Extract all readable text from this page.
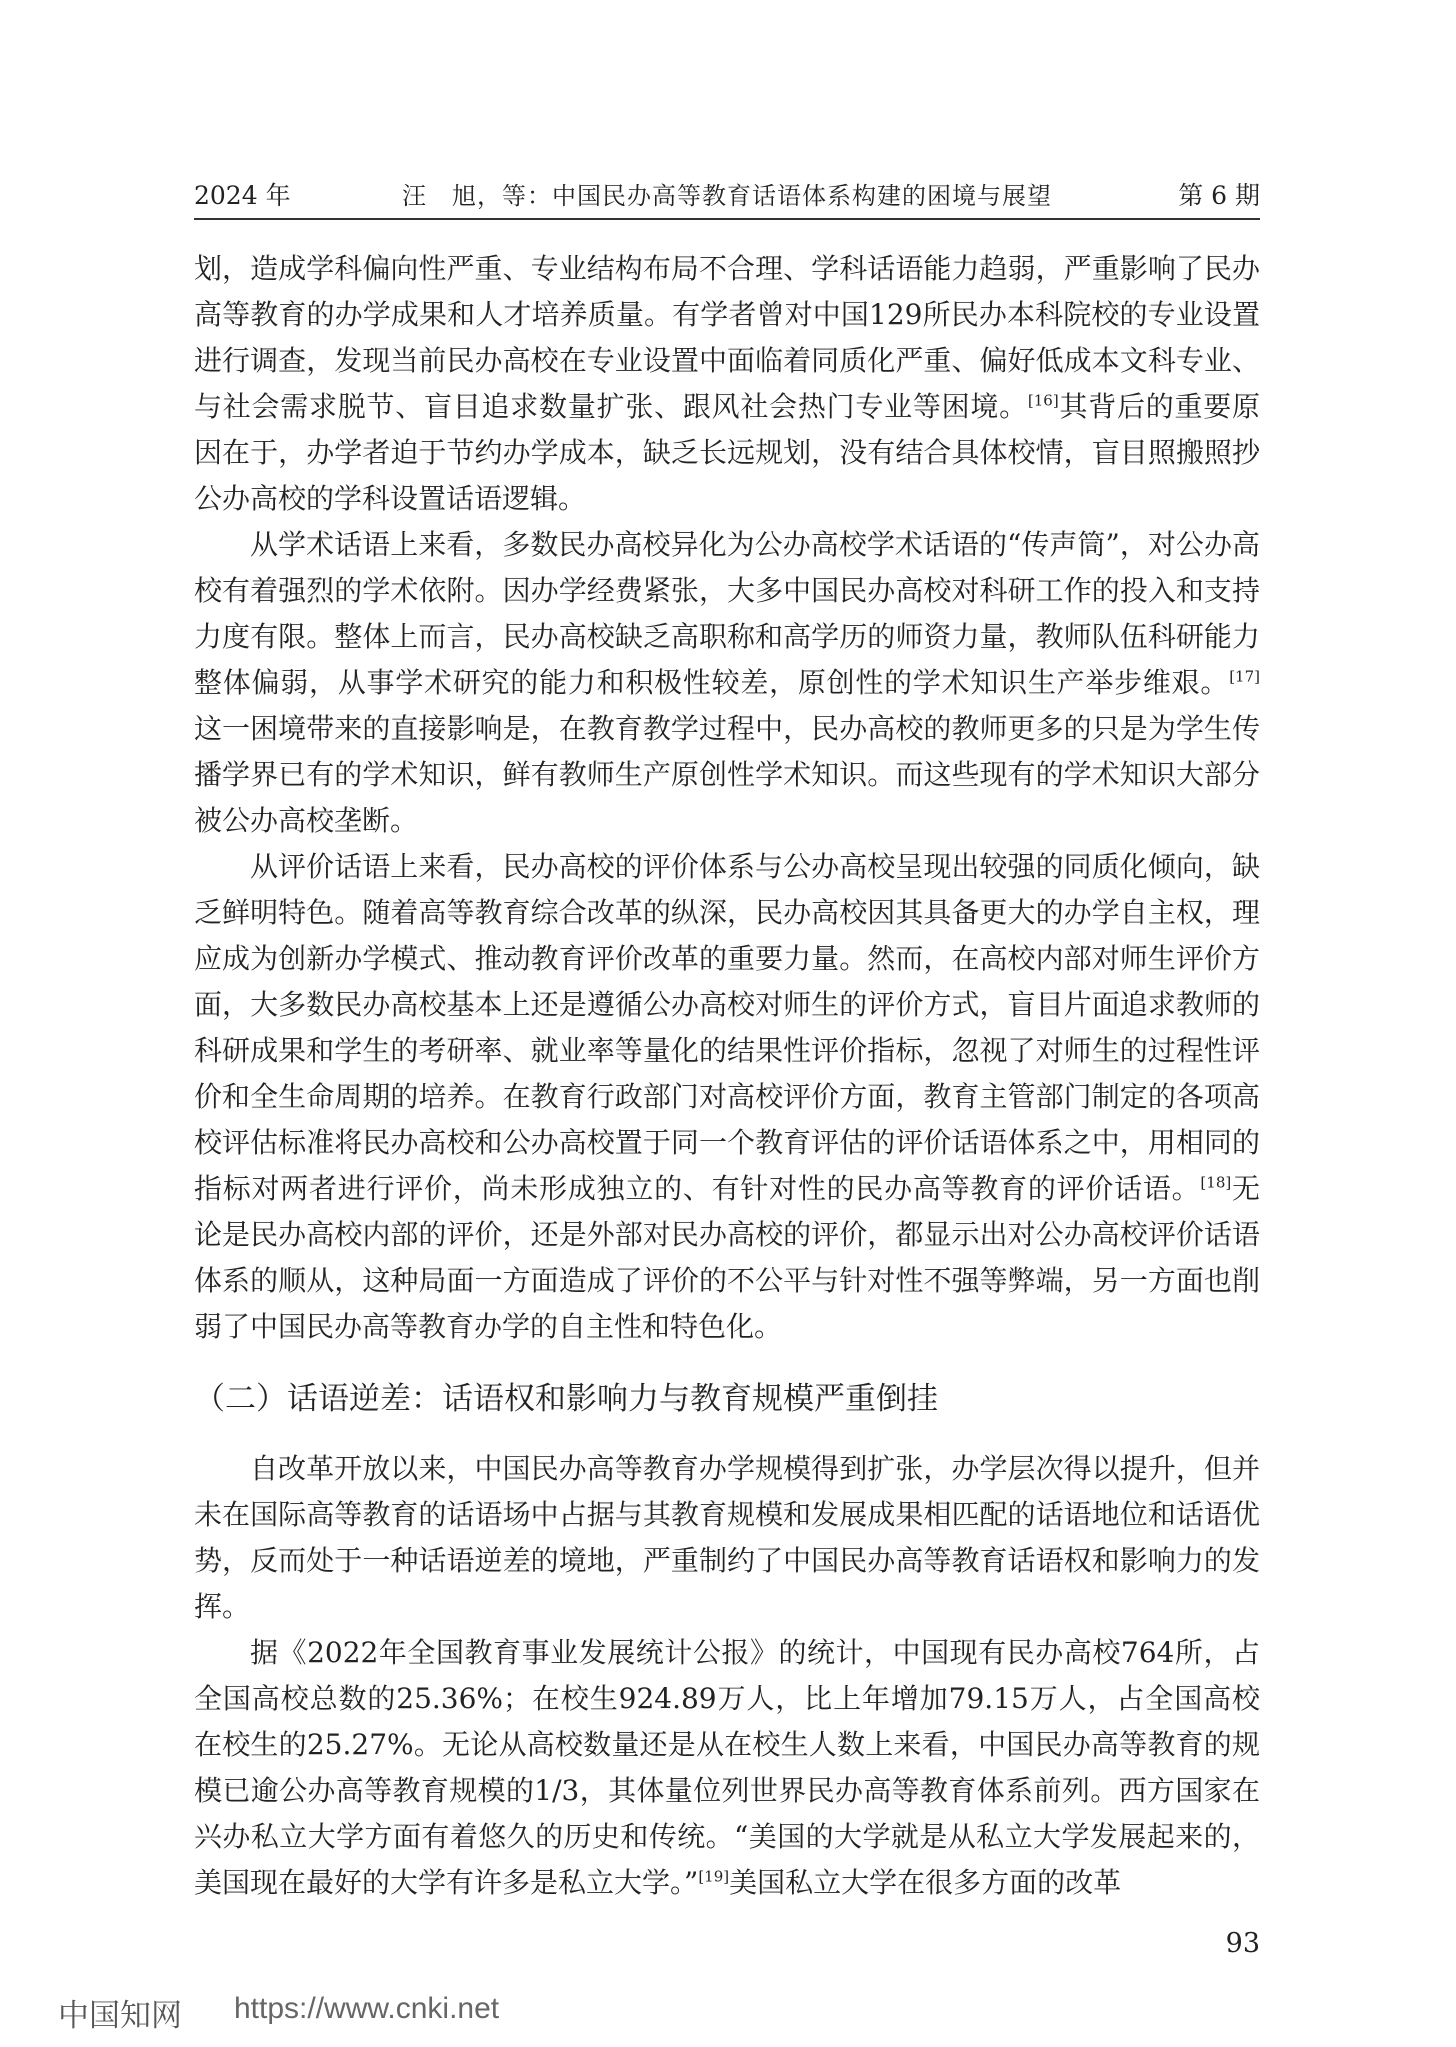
2024 年	汪　旭，等：中国民办高等教育话语体系构建的困境与展望	第 6 期

划，造成学科偏向性严重、专业结构布局不合理、学科话语能力趋弱，严重影响了民办高等教育的办学成果和人才培养质量。有学者曾对中国129所民办本科院校的专业设置进行调查，发现当前民办高校在专业设置中面临着同质化严重、偏好低成本文科专业、与社会需求脱节、盲目追求数量扩张、跟风社会热门专业等困境。[16]其背后的重要原因在于，办学者迫于节约办学成本，缺乏长远规划，没有结合具体校情，盲目照搬照抄公办高校的学科设置话语逻辑。

从学术话语上来看，多数民办高校异化为公办高校学术话语的“传声筒”，对公办高校有着强烈的学术依附。因办学经费紧张，大多中国民办高校对科研工作的投入和支持力度有限。整体上而言，民办高校缺乏高职称和高学历的师资力量，教师队伍科研能力整体偏弱，从事学术研究的能力和积极性较差，原创性的学术知识生产举步维艰。[17]这一困境带来的直接影响是，在教育教学过程中，民办高校的教师更多的只是为学生传播学界已有的学术知识，鲜有教师生产原创性学术知识。而这些现有的学术知识大部分被公办高校垄断。

从评价话语上来看，民办高校的评价体系与公办高校呈现出较强的同质化倾向，缺乏鲜明特色。随着高等教育综合改革的纵深，民办高校因其具备更大的办学自主权，理应成为创新办学模式、推动教育评价改革的重要力量。然而，在高校内部对师生评价方面，大多数民办高校基本上还是遵循公办高校对师生的评价方式，盲目片面追求教师的科研成果和学生的考研率、就业率等量化的结果性评价指标，忽视了对师生的过程性评价和全生命周期的培养。在教育行政部门对高校评价方面，教育主管部门制定的各项高校评估标准将民办高校和公办高校置于同一个教育评估的评价话语体系之中，用相同的指标对两者进行评价，尚未形成独立的、有针对性的民办高等教育的评价话语。[18]无论是民办高校内部的评价，还是外部对民办高校的评价，都显示出对公办高校评价话语体系的顺从，这种局面一方面造成了评价的不公平与针对性不强等弊端，另一方面也削弱了中国民办高等教育办学的自主性和特色化。

（二）话语逆差：话语权和影响力与教育规模严重倒挂

自改革开放以来，中国民办高等教育办学规模得到扩张，办学层次得以提升，但并未在国际高等教育的话语场中占据与其教育规模和发展成果相匹配的话语地位和话语优势，反而处于一种话语逆差的境地，严重制约了中国民办高等教育话语权和影响力的发挥。

据《2022年全国教育事业发展统计公报》的统计，中国现有民办高校764所，占全国高校总数的25.36%；在校生924.89万人，比上年增加79.15万人，占全国高校在校生的25.27%。无论从高校数量还是从在校生人数上来看，中国民办高等教育的规模已逾公办高等教育规模的1/3，其体量位列世界民办高等教育体系前列。西方国家在兴办私立大学方面有着悠久的历史和传统。“美国的大学就是从私立大学发展起来的，美国现在最好的大学有许多是私立大学。”[19]美国私立大学在很多方面的改革

93
中国知网 https://www.cnki.net
